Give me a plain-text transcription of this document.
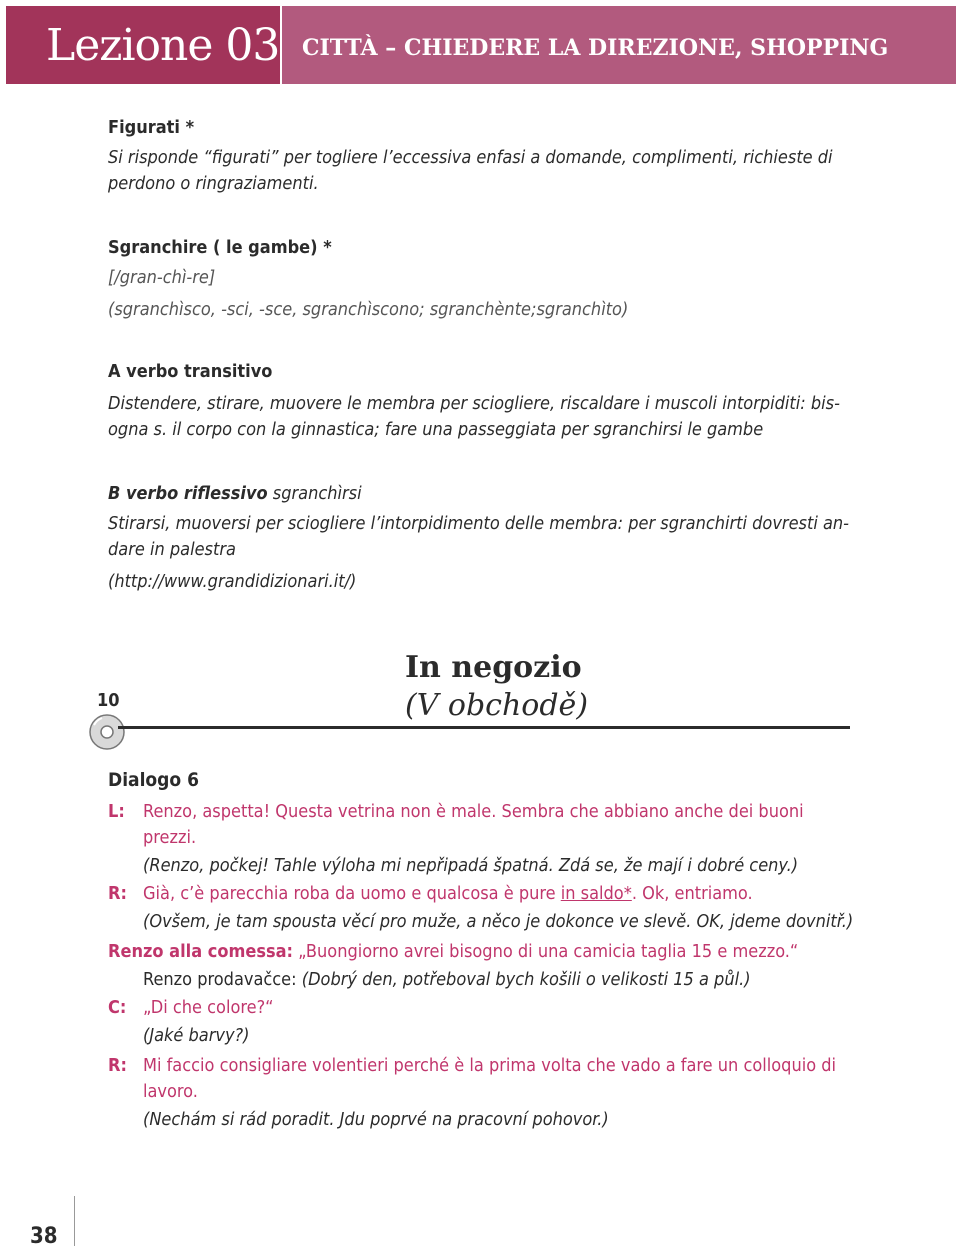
Lezione 03 CITTÀ – CHIEDERE LA DIREZIONE, SHOPPING
Figurati *
Si risponde “figurati” per togliere l’eccessiva enfasi a domande, complimenti, richieste di
perdono o ringraziamenti.
Sgranchire ( le gambe) *
[/gran-chì-re]
(sgranchìsco, -sci, -sce, sgranchìscono; sgranchènte;sgranchìto)
A verbo transitivo
Distendere, stirare, muovere le membra per sciogliere, riscaldare i muscoli intorpiditi: bis-
ogna s. il corpo con la ginnastica; fare una passeggiata per sgranchirsi le gambe
B verbo riflessivo sgranchìrsi
Stirarsi, muoversi per sciogliere l’intorpidimento delle membra: per sgranchirti dovresti an-
dare in palestra
(http://www.grandidizionari.it/)
10
In negozio
(V obchodě)
Dialogo 6
L:	Renzo, aspetta! Questa vetrina non è male. Sembra che abbiano anche dei buoni
prezzi.
(Renzo, počkej! Tahle výloha mi nepřipadá špatná. Zdá se, že mají i dobré ceny.)
R: Già, c’è parecchia roba da uomo e qualcosa è pure in saldo*. Ok, entriamo.
(Ovšem, je tam spousta věcí pro muže, a něco je dokonce ve slevě. OK, jdeme dovnitř.)
Renzo alla comessa: „Buongiorno avrei bisogno di una camicia taglia 15 e mezzo.“
Renzo prodavačce: (Dobrý den, potřeboval bych košili o velikosti 15 a půl.)
C: „Di che colore?“
(Jaké barvy?)
R: Mi faccio consigliare volentieri perché è la prima volta che vado a fare un colloquio di
lavoro.
(Nechám si rád poradit. Jdu poprvé na pracovní pohovor.)
38
